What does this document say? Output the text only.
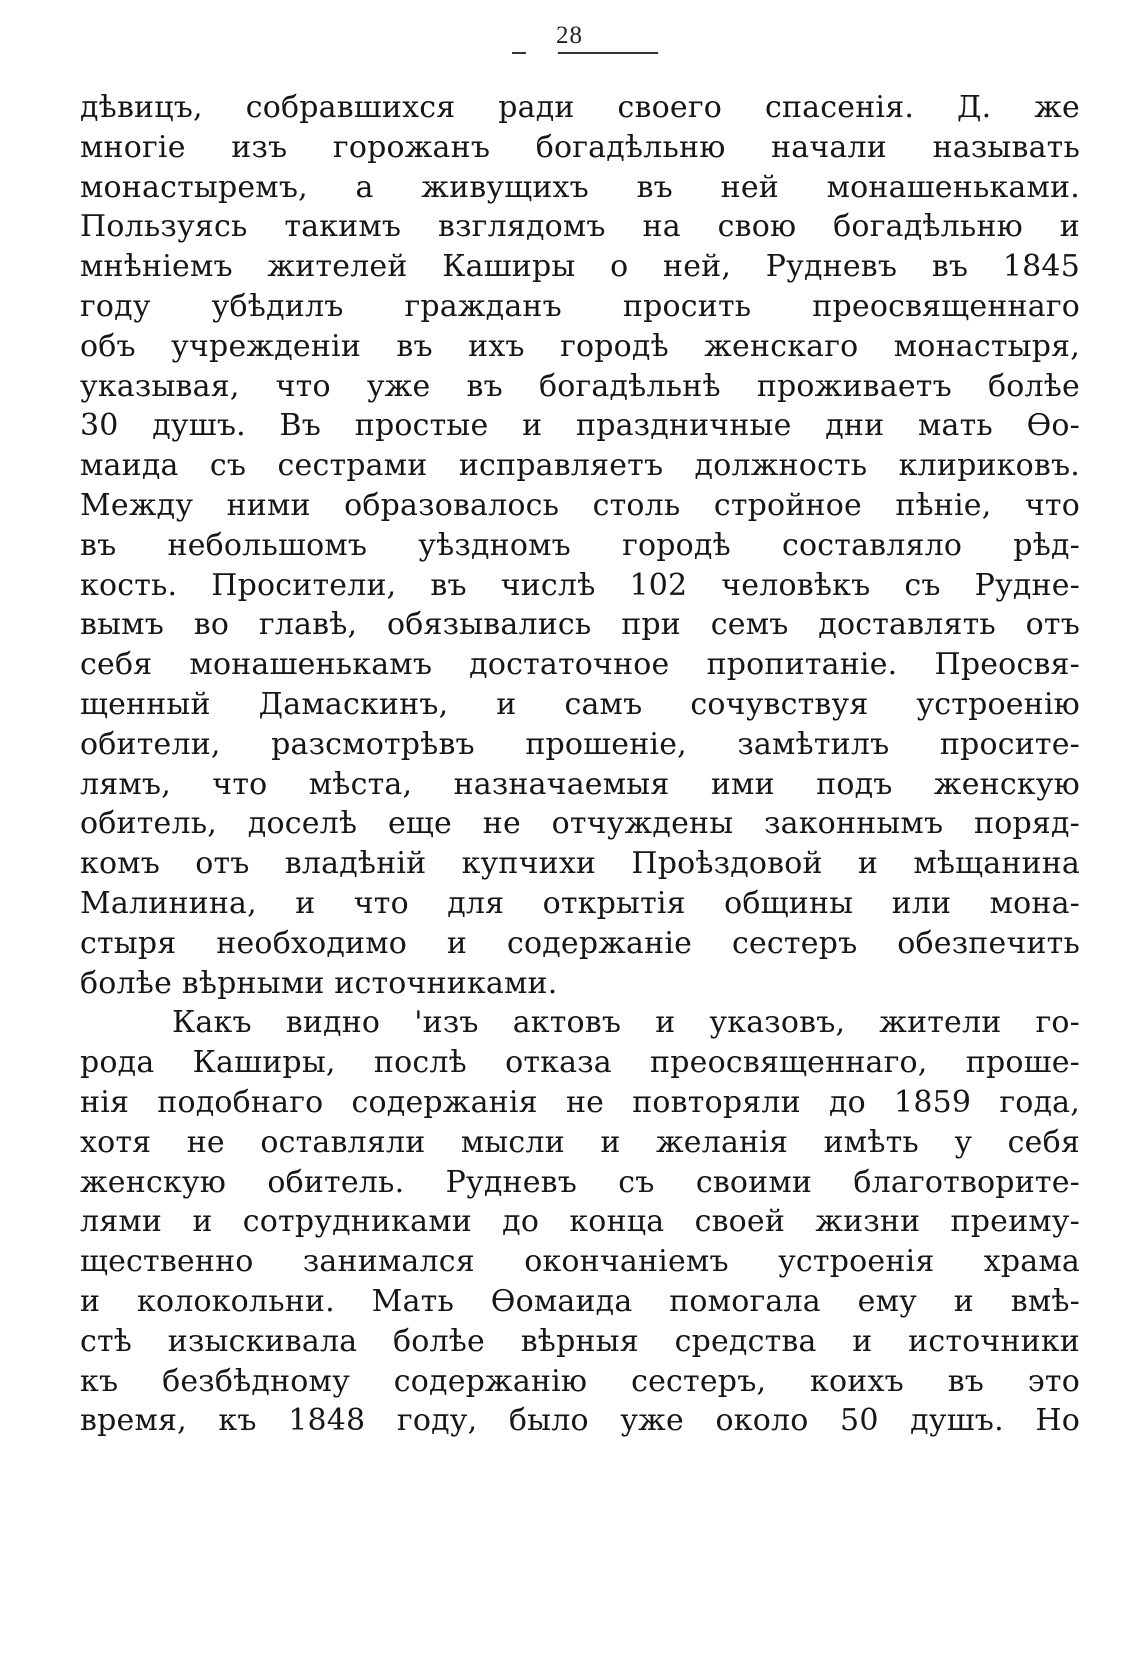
28
дѣвицъ, собравшихся ради своего спасенія. Д. же
многіе изъ горожанъ богадѣльню начали называть
монастыремъ, а живущихъ въ ней монашеньками.
Пользуясь такимъ взглядомъ на свою богадѣльню и
мнѣніемъ жителей Каширы о ней, Рудневъ въ 1845
году убѣдилъ гражданъ просить преосвященнаго
объ учрежденіи въ ихъ городѣ женскаго монастыря,
указывая, что уже въ богадѣльнѣ проживаетъ болѣе
30 душъ. Въ простые и праздничные дни мать Ѳо-
маида съ сестрами исправляетъ должность клириковъ.
Между ними образовалось столь стройное пѣніе, что
въ небольшомъ уѣздномъ городѣ составляло рѣд-
кость. Просители, въ числѣ 102 человѣкъ съ Рудне-
вымъ во главѣ, обязывались при семъ доставлять отъ
себя монашенькамъ достаточное пропитаніе. Преосвя-
щенный Дамаскинъ, и самъ сочувствуя устроенію
обители, разсмотрѣвъ прошеніе, замѣтилъ просите-
лямъ, что мѣста, назначаемыя ими подъ женскую
обитель, доселѣ еще не отчуждены законнымъ поряд-
комъ отъ владѣній купчихи Проѣздовой и мѣщанина
Малинина, и что для открытія общины или мона-
стыря необходимо и содержаніе сестеръ обезпечить
болѣе вѣрными источниками.
Какъ видно 'изъ актовъ и указовъ, жители го-
рода Каширы, послѣ отказа преосвященнаго, проше-
нія подобнаго содержанія не повторяли до 1859 года,
хотя не оставляли мысли и желанія имѣть у себя
женскую обитель. Рудневъ съ своими благотворите-
лями и сотрудниками до конца своей жизни преиму-
щественно занимался окончаніемъ устроенія храма
и колокольни. Мать Ѳомаида помогала ему и вмѣ-
стѣ изыскивала болѣе вѣрныя средства и источники
къ безбѣдному содержанію сестеръ, коихъ въ это
время, къ 1848 году, было уже около 50 душъ. Но
